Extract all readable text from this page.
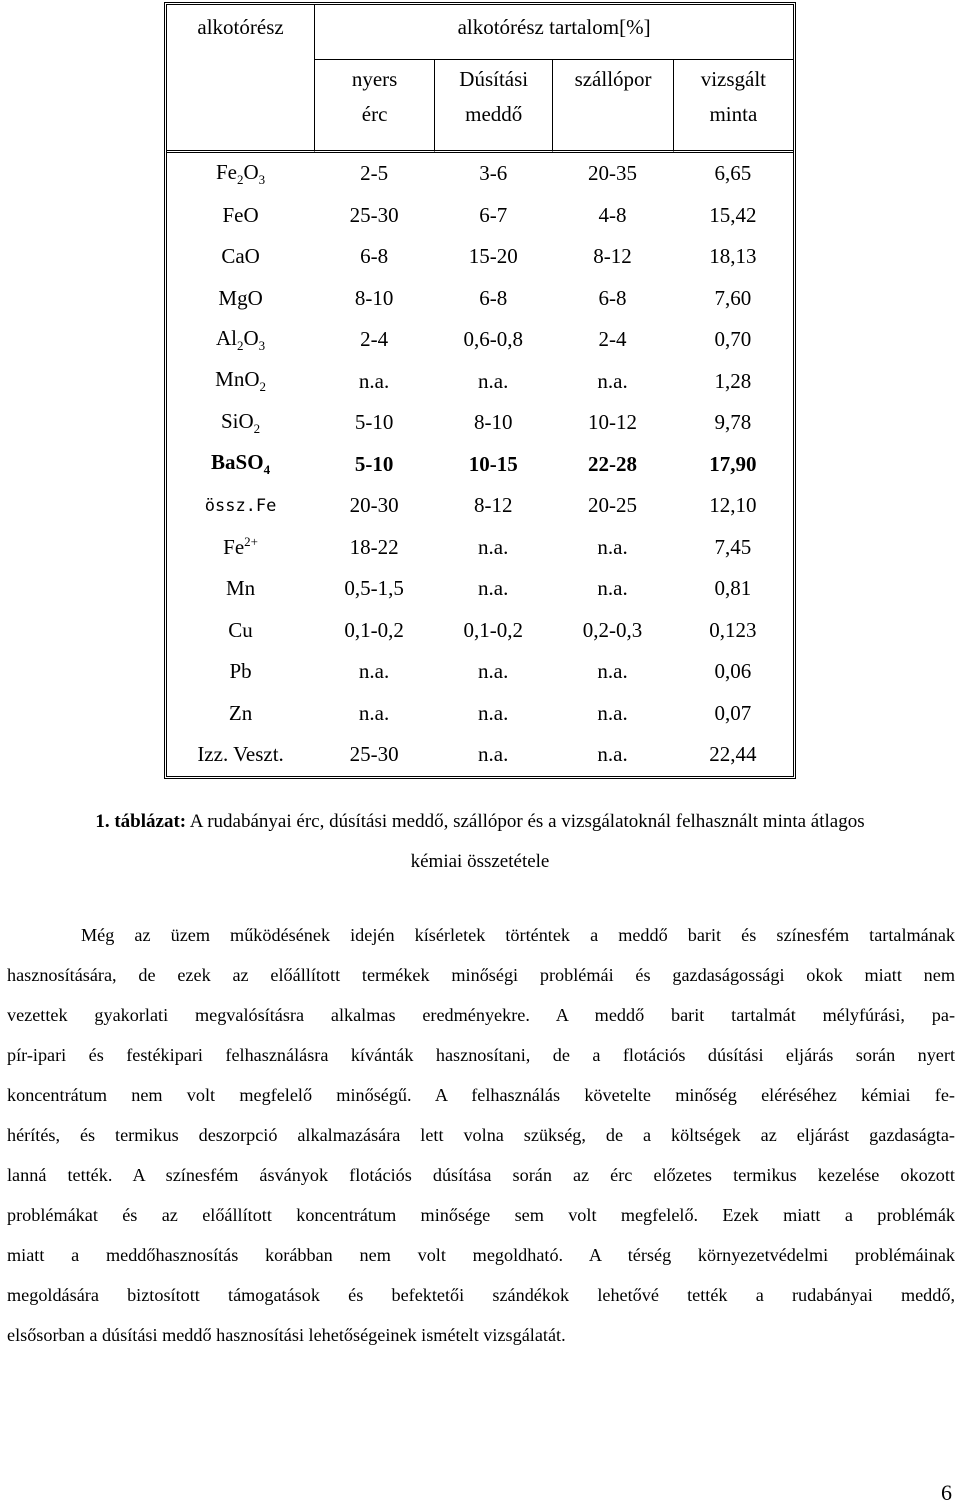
alkotórész	alkotórész tartalom[%]			
	nyers	Dúsítási	szállópor	vizsgált
	érc	meddő		minta
$Fe_2O_3$	2-5	3-6	20-35	6,65
FeO	25-30	6-7	4-8	15,42
CaO	6-8	15-20	8-12	18,13
MgO	8-10	6-8	6-8	7,60
$Al_2O_3$	2-4	0,6-0,8	2-4	0,70
MnO$_2$	n.a.	n.a.	n.a.	1,28
SiO$_2$	5-10	8-10	10-12	9,78
BaSO$_4$	5-10	10-15	22-28	17,90
össz.Fe	20-30	8-12	20-25	12,10
$Fe^{2+}$	18-22	n.a.	n.a.	7,45
Mn	0,5-1,5	n.a.	n.a.	0,81
Cu	0,1-0,2	0,1-0,2	0,2-0,3	0,123
Pb	n.a.	n.a.	n.a.	0,06
Zn	n.a.	n.a.	n.a.	0,07
Izz. Veszt.	25-30	n.a.	n.a.	22,44
1. táblázat: A rudabányai érc, dúsítási meddő, szállópor és a vizsgálatoknál felhasznált minta átlagos
kémiai összetétele

Még az üzem működésének idején kísérletek történtek a meddő barit és színesfém tartalmának
hasznosítására, de ezek az előállított termékek minőségi problémái és gazdaságossági okok miatt nem
vezettek gyakorlati megvalósításra alkalmas eredményekre. A meddő barit tartalmát mélyfúrási, pa-
pír-ipari és festékipari felhasználásra kívánták hasznosítani, de a flotációs dúsítási eljárás során nyert
koncentrátum nem volt megfelelő minőségű. A felhasználás követelte minőség eléréséhez kémiai fe-
hérítés, és termikus deszorpció alkalmazására lett volna szükség, de a költségek az eljárást gazdaságta-
lanná tették. A színesfém ásványok flotációs dúsítása során az érc előzetes termikus kezelése okozott
problémákat és az előállított koncentrátum minősége sem volt megfelelő. Ezek miatt a problémák
miatt a meddőhasznosítás korábban nem volt megoldható. A térség környezetvédelmi problémáinak
megoldására biztosított támogatások és befektetői szándékok lehetővé tették a rudabányai meddő,
elsősorban a dúsítási meddő hasznosítási lehetőségeinek ismételt vizsgálatát.

6
